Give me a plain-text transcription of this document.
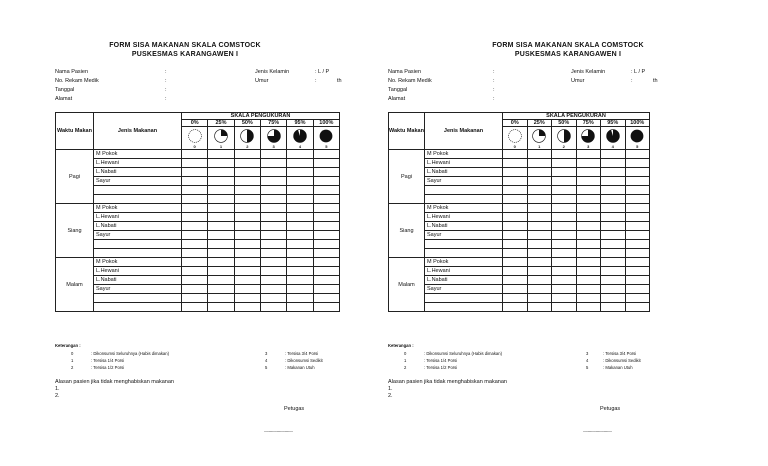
FORM SISA MAKANAN SKALA COMSTOCK
PUSKESMAS KARANGAWEN I
Nama Pasien	:
No. Rekam Medik	:
Tanggal	:
Alamat	:
Jenis Kelamin	: L / P
Umur	:	th
Waktu Makan	Jenis Makanan	SKALA PENGUKURAN					
		0%	25%	50%	75%	95%	100%

		0	1	2	3	4	5

Pagi	M Pokok						
	L.Hewani						
	L.Nabati						
	Sayur						

Siang	M Pokok						
	L.Hewani						
	L.Nabati						
	Sayur						

Malam	M Pokok						
	L.Hewani						
	L.Nabati						
	Sayur						

Keterangan :
0	: Dikonsumsi Seluruhnya (Habis dimakan)
1	: Tersisa 1/4 Porsi
2	: Tersisa 1/2 Porsi
3	: Tersisa 3/4 Porsi
4	: Dikonsumsi Sedikit
5	: Makanan Utuh
Alasan pasien jika tidak menghabiskan makanan
1.
2.
Petugas
................................
FORM SISA MAKANAN SKALA COMSTOCK
PUSKESMAS KARANGAWEN I
Nama Pasien	:
No. Rekam Medik	:
Tanggal	:
Alamat	:
Jenis Kelamin	: L / P
Umur	:	th
Waktu Makan	Jenis Makanan	SKALA PENGUKURAN					
		0%	25%	50%	75%	95%	100%

		0	1	2	3	4	5

Pagi	M Pokok						
	L.Hewani						
	L.Nabati						
	Sayur						

Siang	M Pokok						
	L.Hewani						
	L.Nabati						
	Sayur						

Malam	M Pokok						
	L.Hewani						
	L.Nabati						
	Sayur						

Keterangan :
0	: Dikonsumsi Seluruhnya (Habis dimakan)
1	: Tersisa 1/4 Porsi
2	: Tersisa 1/2 Porsi
3	: Tersisa 3/4 Porsi
4	: Dikonsumsi Sedikit
5	: Makanan Utuh
Alasan pasien jika tidak menghabiskan makanan
1.
2.
Petugas
................................
